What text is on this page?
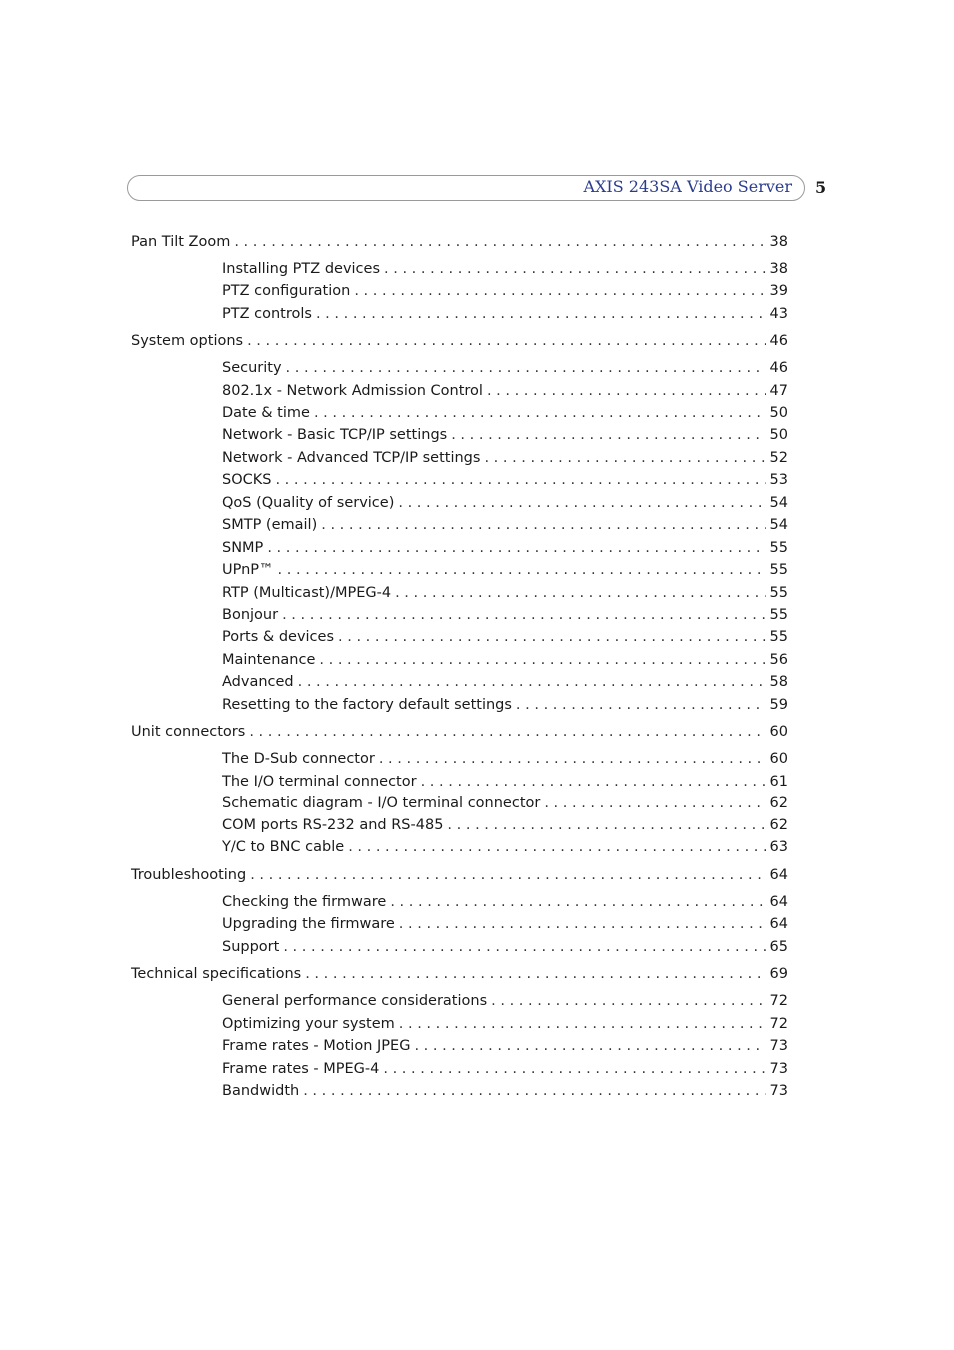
AXIS 243SA Video Server 5
Pan Tilt Zoom . . .	38
Installing PTZ devices . . .	38
PTZ configuration . . .	39
PTZ controls . . .	43
System options . . .	46
Security . . .	46
802.1x - Network Admission Control . . .	47
Date & time . . .	50
Network - Basic TCP/IP settings . . .	50
Network - Advanced TCP/IP settings . . .	52
SOCKS . . .	53
QoS (Quality of service) . . .	54
SMTP (email) . . .	54
SNMP . . .	55
UPnP™ . . .	55
RTP (Multicast)/MPEG-4 . . .	55
Bonjour . . .	55
Ports & devices . . .	55
Maintenance . . .	56
Advanced . . .	58
Resetting to the factory default settings . . .	59
Unit connectors . . .	60
The D-Sub connector . . .	60
The I/O terminal connector . . .	61
Schematic diagram - I/O terminal connector . . .	62
COM ports RS-232 and RS-485 . . .	62
Y/C to BNC cable . . .	63
Troubleshooting . . .	64
Checking the firmware . . .	64
Upgrading the firmware . . .	64
Support . . .	65
Technical specifications . . .	69
General performance considerations . . .	72
Optimizing your system . . .	72
Frame rates - Motion JPEG . . .	73
Frame rates - MPEG-4 . . .	73
Bandwidth . . .	73
